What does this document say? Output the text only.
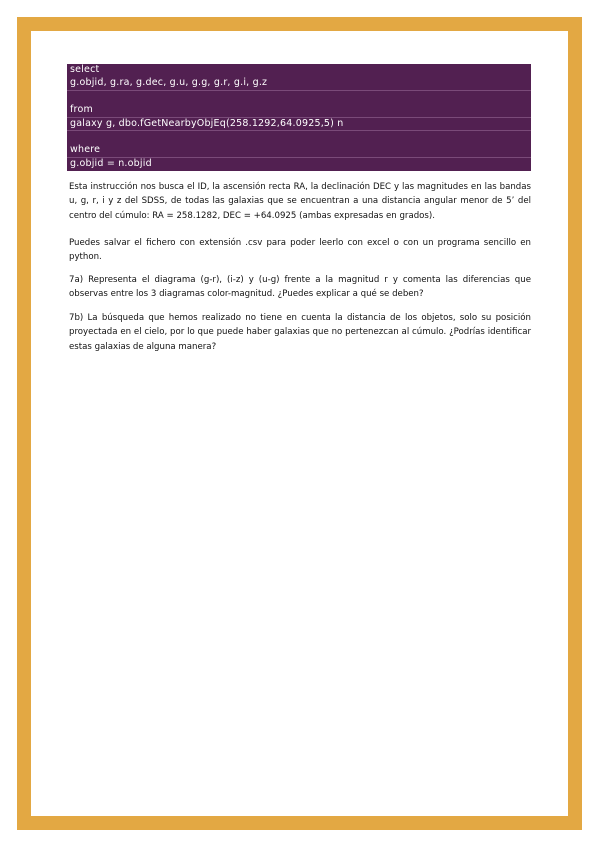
select
g.objid, g.ra, g.dec, g.u, g.g, g.r, g.i, g.z
from
galaxy g, dbo.fGetNearbyObjEq(258.1292,64.0925,5) n
where
g.objid = n.objid

Esta instrucción nos busca el ID, la ascensión recta RA, la declinación DEC y las magnitudes en las bandas u, g, r, i y z del SDSS, de todas las galaxias que se encuentran a una distancia angular menor de 5’ del centro del cúmulo: RA = 258.1282, DEC = +64.0925 (ambas expresadas en grados).

Puedes salvar el fichero con extensión .csv para poder leerlo con excel o con un programa sencillo en python.

7a) Representa el diagrama (g-r), (i-z) y (u-g) frente a la magnitud r y comenta las diferencias que observas entre los 3 diagramas color-magnitud. ¿Puedes explicar a qué se deben?

7b) La búsqueda que hemos realizado no tiene en cuenta la distancia de los objetos, solo su posición proyectada en el cielo, por lo que puede haber galaxias que no pertenezcan al cúmulo. ¿Podrías identificar estas galaxias de alguna manera?
